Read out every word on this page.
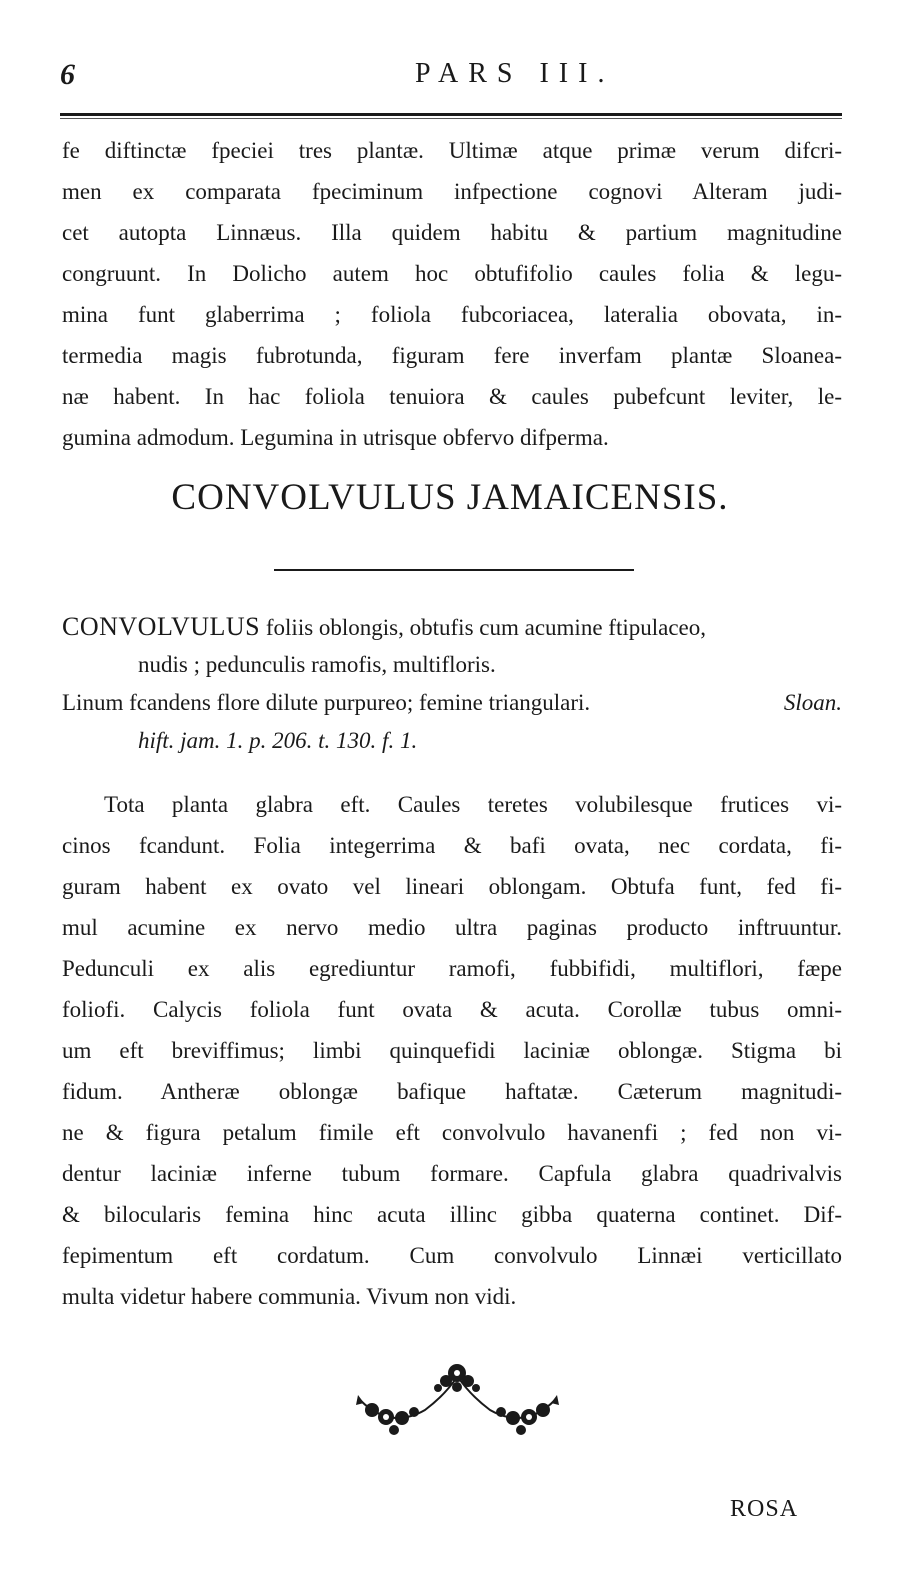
6	PARS III.
fe diftinctæ fpeciei tres plantæ. Ultimæ atque primæ verum difcri-
men ex comparata fpeciminum infpectione cognovi Alteram judi-
cet autopta Linnæus. Illa quidem habitu & partium magnitudine
congruunt. In Dolicho autem hoc obtufifolio caules folia & legu-
mina funt glaberrima ; foliola fubcoriacea, lateralia obovata, in-
termedia magis fubrotunda, figuram fere inverfam plantæ Sloanea-
næ habent. In hac foliola tenuiora & caules pubefcunt leviter, le-
gumina admodum. Legumina in utrisque obfervo difperma.
CONVOLVULUS JAMAICENSIS.
CONVOLVULUS foliis oblongis, obtufis cum acumine ftipulaceo,
nudis ; pedunculis ramofis, multifloris.
Linum fcandens flore dilute purpureo; femine triangulari.	Sloan.
hift. jam. 1. p. 206. t. 130. f. 1.
Tota planta glabra eft. Caules teretes volubilesque frutices vi-
cinos fcandunt. Folia integerrima & bafi ovata, nec cordata, fi-
guram habent ex ovato vel lineari oblongam. Obtufa funt, fed fi-
mul acumine ex nervo medio ultra paginas producto inftruuntur.
Pedunculi ex alis egrediuntur ramofi, fubbifidi, multiflori, fæpe
foliofi. Calycis foliola funt ovata & acuta. Corollæ tubus omni-
um eft breviffimus; limbi quinquefidi laciniæ oblongæ. Stigma bi
fidum. Antheræ oblongæ bafique haftatæ. Cæterum magnitudi-
ne & figura petalum fimile eft convolvulo havanenfi ; fed non vi-
dentur laciniæ inferne tubum formare. Capfula glabra quadrivalvis
& bilocularis femina hinc acuta illinc gibba quaterna continet. Dif-
fepimentum eft cordatum. Cum convolvulo Linnæi verticillato
multa videtur habere communia. Vivum non vidi.
ROSA
